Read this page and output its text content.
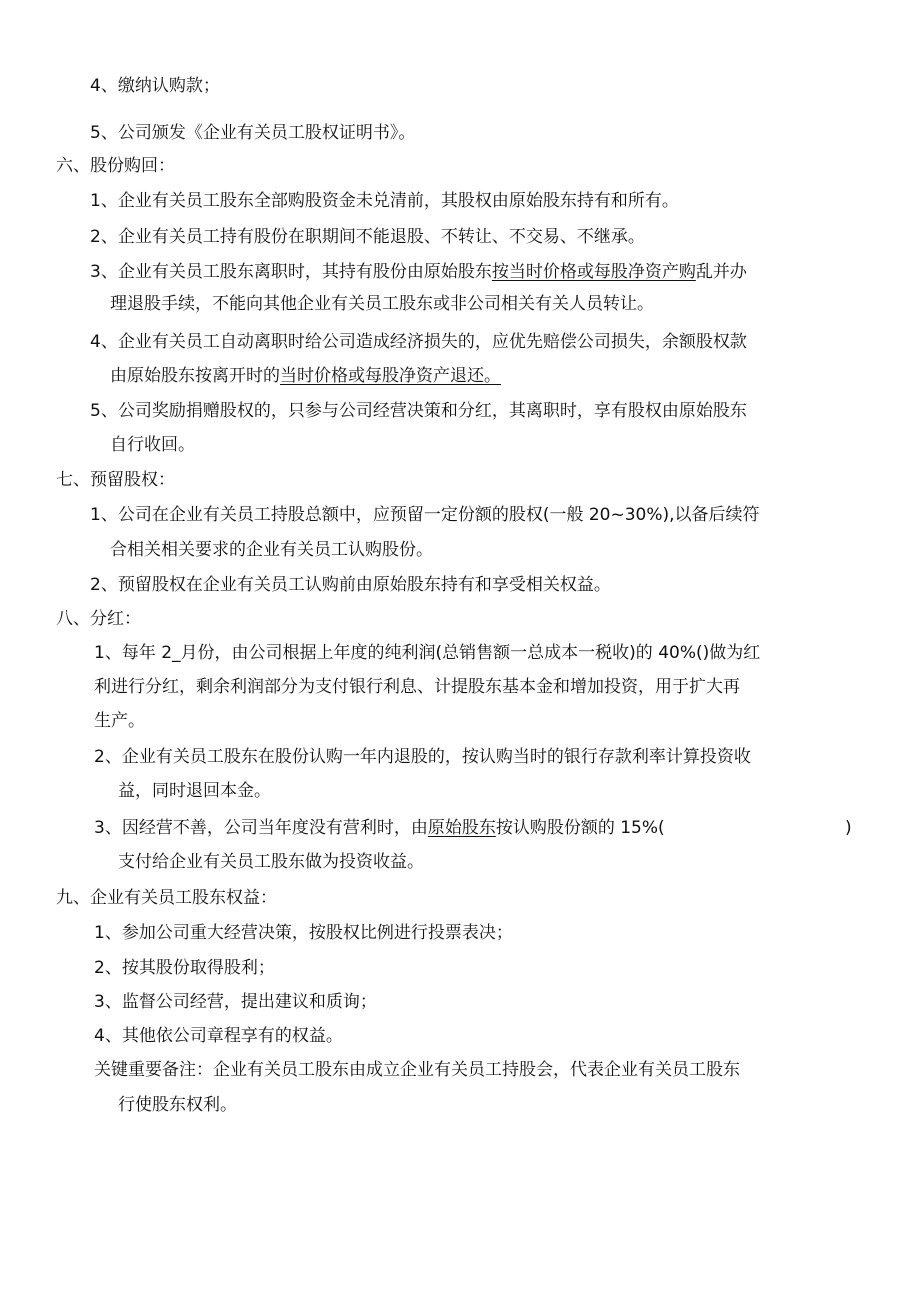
4、缴纳认购款；
5、公司颁发《企业有关员工股权证明书》。
六、股份购回：
1、企业有关员工股东全部购股资金未兑清前，其股权由原始股东持有和所有。
2、企业有关员工持有股份在职期间不能退股、不转让、不交易、不继承。
3、企业有关员工股东离职时，其持有股份由原始股东按当时价格或每股净资产购乱并办
理退股手续，不能向其他企业有关员工股东或非公司相关有关人员转让。
4、企业有关员工自动离职时给公司造成经济损失的，应优先赔偿公司损失，余额股权款
由原始股东按离开时的当时价格或每股净资产退还。
5、公司奖励捐赠股权的，只参与公司经营决策和分红，其离职时，享有股权由原始股东
自行收回。
七、预留股权：
1、公司在企业有关员工持股总额中，应预留一定份额的股权(一般 20~30%),以备后续符
合相关相关要求的企业有关员工认购股份。
2、预留股权在企业有关员工认购前由原始股东持有和享受相关权益。
八、分红：
1、每年 2_月份，由公司根据上年度的纯利润(总销售额一总成本一税收)的 40%()做为红
利进行分红，剩余利润部分为支付银行利息、计提股东基本金和增加投资，用于扩大再
生产。
2、企业有关员工股东在股份认购一年内退股的，按认购当时的银行存款利率计算投资收
益，同时退回本金。
3、因经营不善，公司当年度没有营利时，由原始股东按认购股份额的 15%(	)
支付给企业有关员工股东做为投资收益。
九、企业有关员工股东权益：
1、参加公司重大经营决策，按股权比例进行投票表决；
2、按其股份取得股利；
3、监督公司经营，提出建议和质询；
4、其他依公司章程享有的权益。
关键重要备注：企业有关员工股东由成立企业有关员工持股会，代表企业有关员工股东
行使股东权利。
